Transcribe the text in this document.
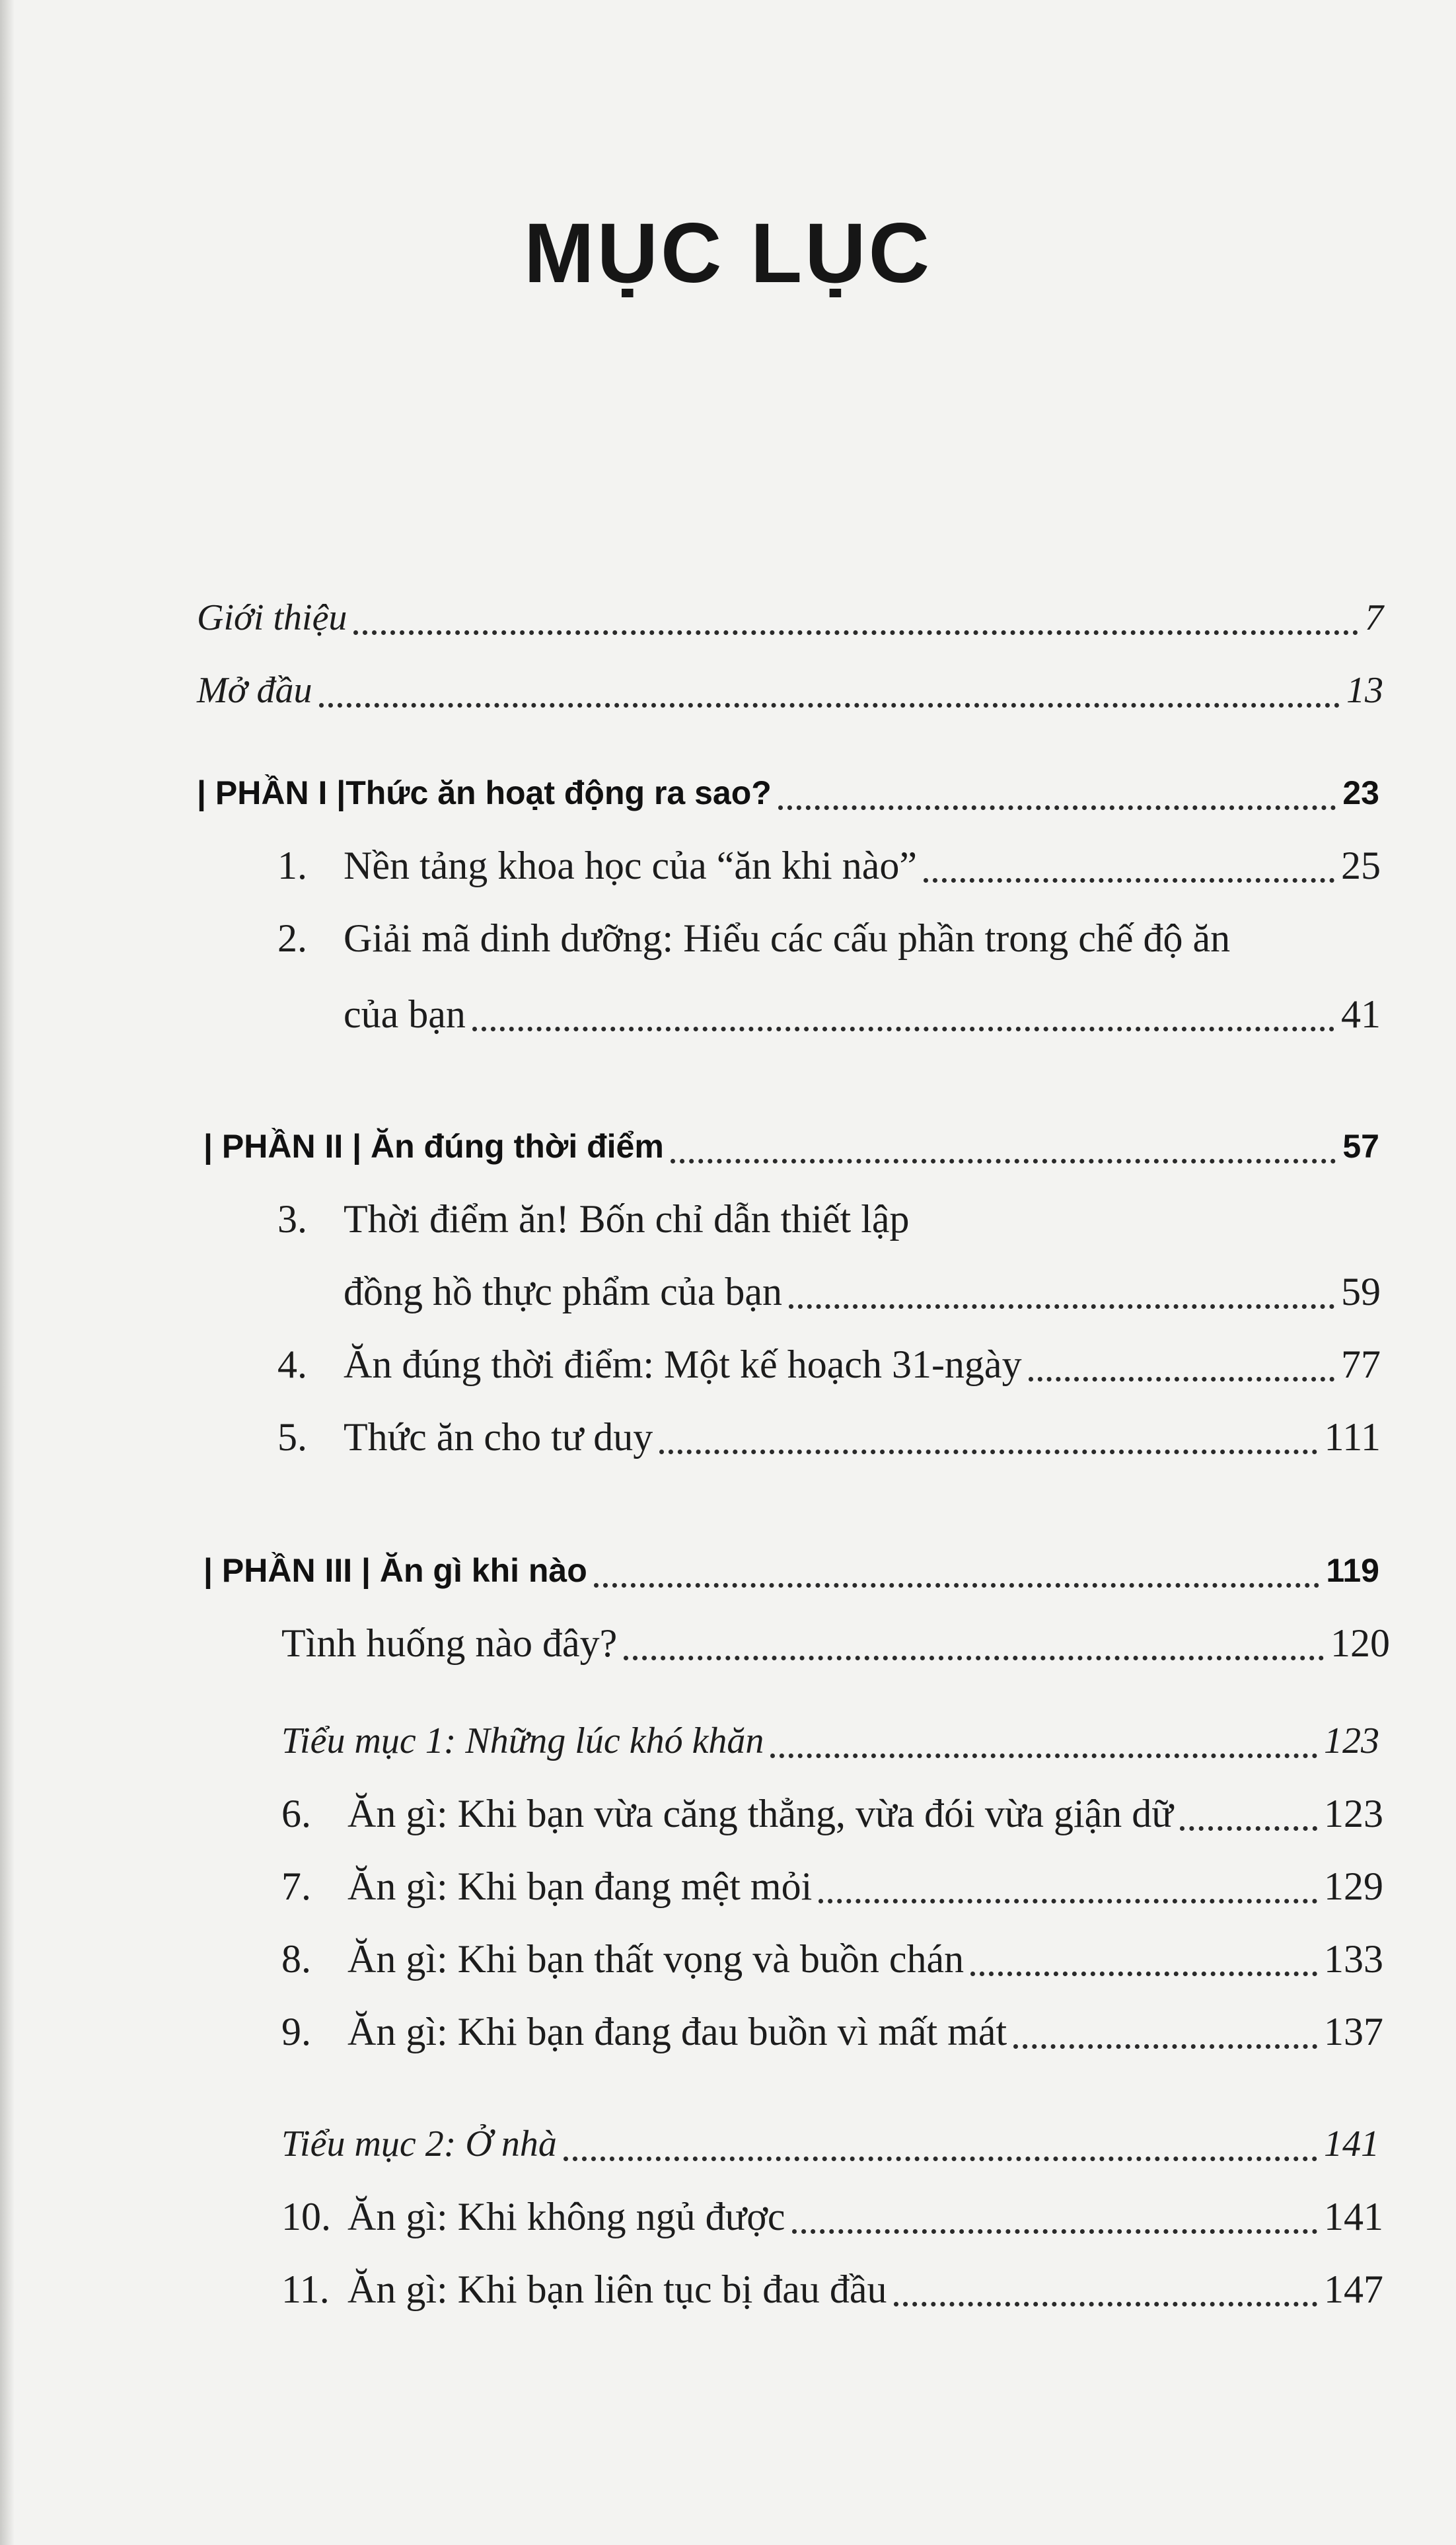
MỤC LỤC
Giới thiệu	7
Mở đầu	13
| PHẦN I |Thức ăn hoạt động ra sao?	23
1. Nền tảng khoa học của “ăn khi nào”	25
2. Giải mã dinh dưỡng: Hiểu các cấu phần trong chế độ ăn
của bạn	41
| PHẦN II | Ăn đúng thời điểm	57
3. Thời điểm ăn! Bốn chỉ dẫn thiết lập
đồng hồ thực phẩm của bạn	59
4. Ăn đúng thời điểm: Một kế hoạch 31-ngày	77
5. Thức ăn cho tư duy	111
| PHẦN III | Ăn gì khi nào	119
Tình huống nào đây?	120
Tiểu mục 1: Những lúc khó khăn	123
6. Ăn gì: Khi bạn vừa căng thẳng, vừa đói vừa giận dữ	123
7. Ăn gì: Khi bạn đang mệt mỏi	129
8. Ăn gì: Khi bạn thất vọng và buồn chán	133
9. Ăn gì: Khi bạn đang đau buồn vì mất mát	137
Tiểu mục 2: Ở nhà	141
10. Ăn gì: Khi không ngủ được	141
11. Ăn gì: Khi bạn liên tục bị đau đầu	147
